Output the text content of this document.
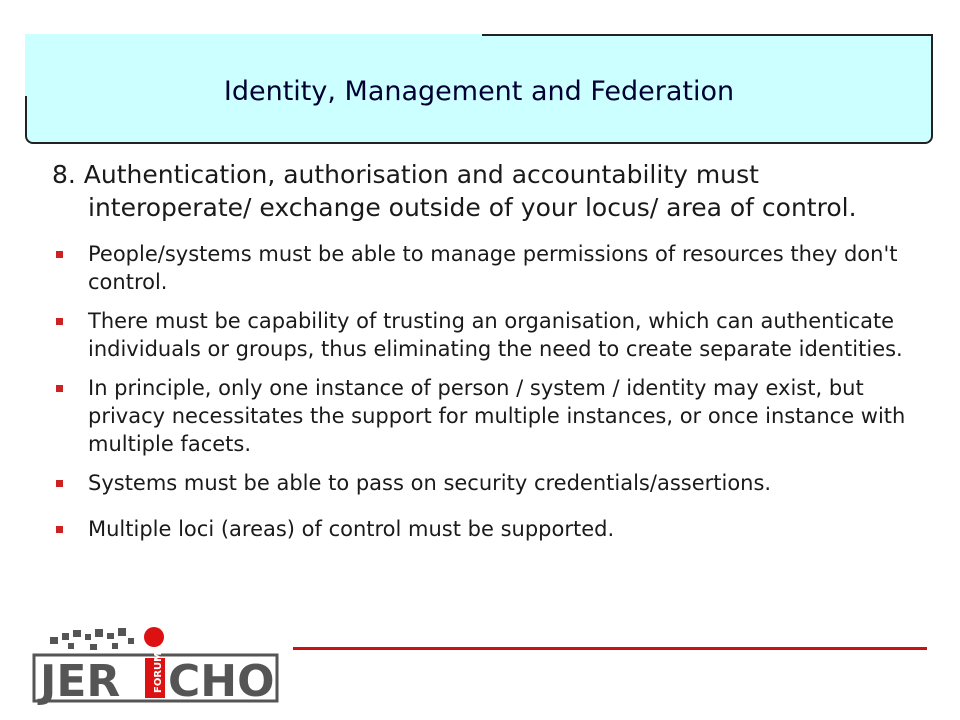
Identity, Management and Federation

8. Authentication, authorisation and accountability must interoperate/ exchange outside of your locus/ area of control.

People/systems must be able to manage permissions of resources they don't control.
There must be capability of trusting an organisation, which can authenticate individuals or groups, thus eliminating the need to create separate identities.
In principle, only one instance of person / system / identity may exist, but privacy necessitates the support for multiple instances, or once instance with multiple facets.
Systems must be able to pass on security credentials/assertions.
Multiple loci (areas) of control must be supported.
JER	FORUM CHO
